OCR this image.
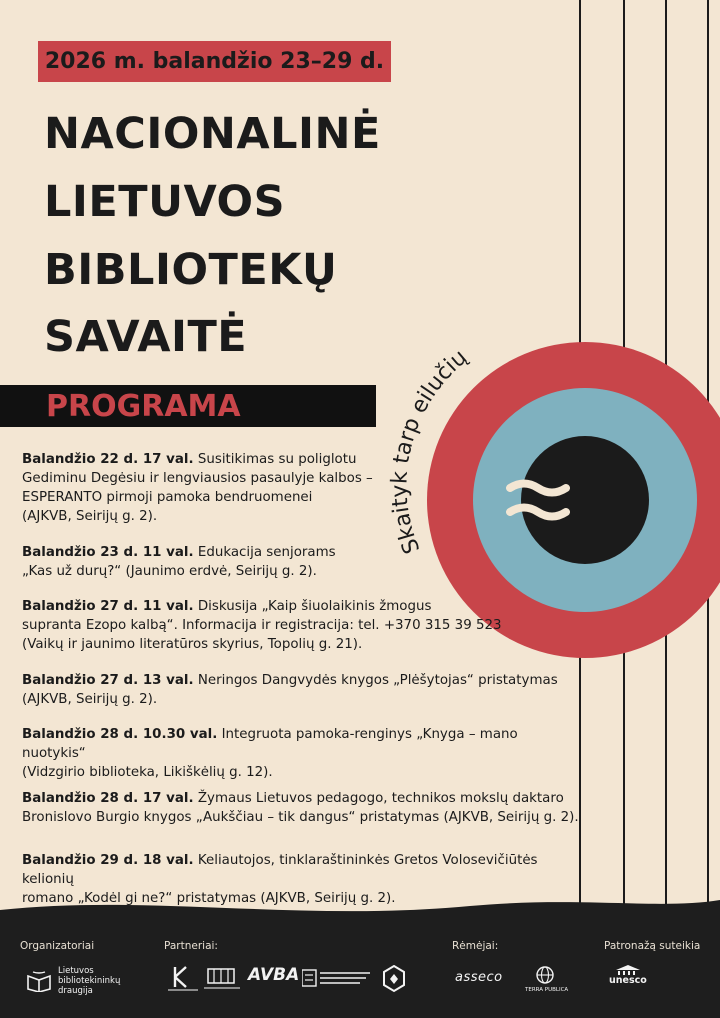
Skaityk tarp eilučių
2026 m. balandžio 23–29 d.
NACIONALINĖ
LIETUVOS
BIBLIOTEKŲ
SAVAITĖ
PROGRAMA
Balandžio 22 d. 17 val. Susitikimas su poliglotu
Gediminu Degėsiu ir lengviausios pasaulyje kalbos –
ESPERANTO pirmoji pamoka bendruomenei
(AJKVB, Seirijų g. 2).
Balandžio 23 d. 11 val. Edukacija senjorams
„Kas už durų?“ (Jaunimo erdvė, Seirijų g. 2).
Balandžio 27 d. 11 val. Diskusija „Kaip šiuolaikinis žmogus
supranta Ezopo kalbą“. Informacija ir registracija: tel. +370 315 39 523
(Vaikų ir jaunimo literatūros skyrius, Topolių g. 21).
Balandžio 27 d. 13 val. Neringos Dangvydės knygos „Plėšytojas“ pristatymas
(AJKVB, Seirijų g. 2).
Balandžio 28 d. 10.30 val. Integruota pamoka-renginys „Knyga – mano nuotykis“
(Vidzgirio biblioteka, Likiškėlių g. 12).
Balandžio 28 d. 17 val. Žymaus Lietuvos pedagogo, technikos mokslų daktaro
Bronislovo Burgio knygos „Aukščiau – tik dangus“ pristatymas (AJKVB, Seirijų g. 2).
Balandžio 29 d. 18 val. Keliautojos, tinklaraštininkės Gretos Volosevičiūtės kelionių
romano „Kodėl gi ne?“ pristatymas (AJKVB, Seirijų g. 2).
Organizatoriai	Partneriai:	Rėmėjai:	Patronažą suteikia
Lietuvos
bibliotekininkų
draugija
AVBA	asseco
TERRA PUBLICA
unesco
